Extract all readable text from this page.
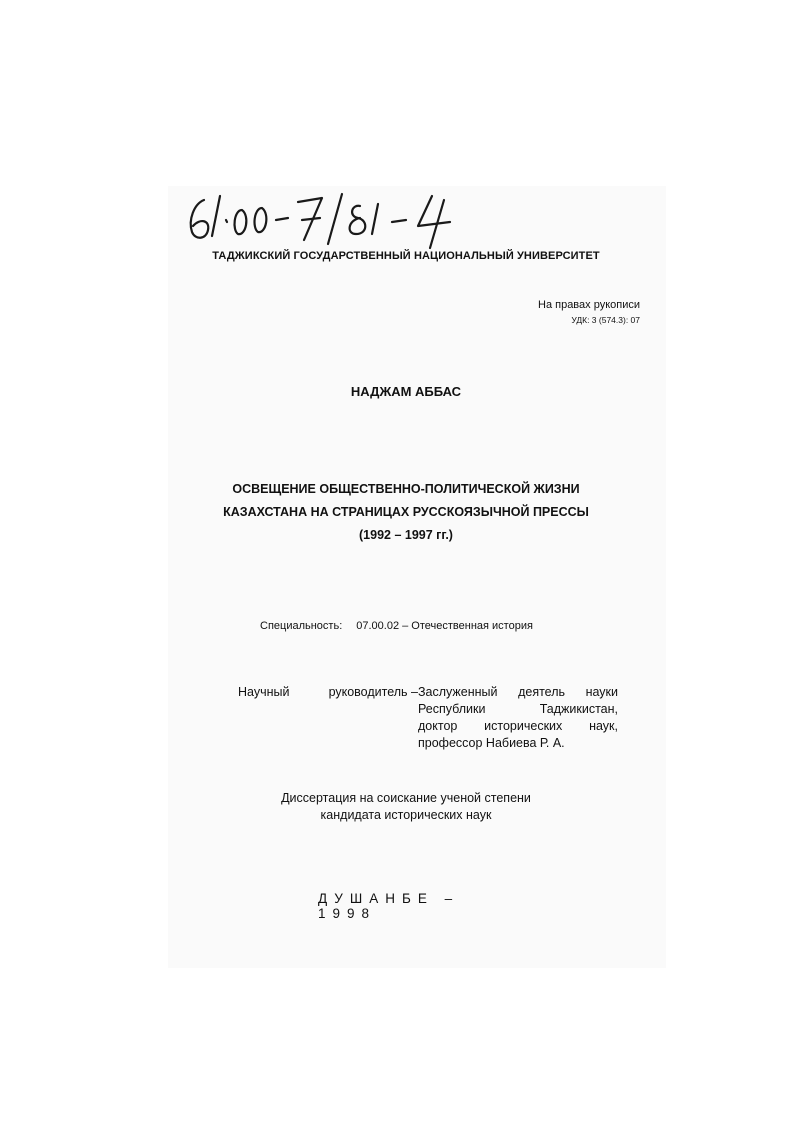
ТАДЖИКСКИЙ ГОСУДАРСТВЕННЫЙ НАЦИОНАЛЬНЫЙ УНИВЕРСИТЕТ
На правах рукописи
УДК: 3 (574.3): 07
НАДЖАМ АББАС
ОСВЕЩЕНИЕ ОБЩЕСТВЕННО-ПОЛИТИЧЕСКОЙ ЖИЗНИ
КАЗАХСТАНА НА СТРАНИЦАХ РУССКОЯЗЫЧНОЙ ПРЕССЫ
(1992 – 1997 гг.)
Специальность: 07.00.02 – Отечественная история
Научный	руководитель – Заслуженный деятель науки
Республики	Таджикистан,
доктор исторических наук,
профессор Набиева Р. А.
Диссертация на соискание ученой степени
кандидата исторических наук
ДУШАНБЕ – 1998
